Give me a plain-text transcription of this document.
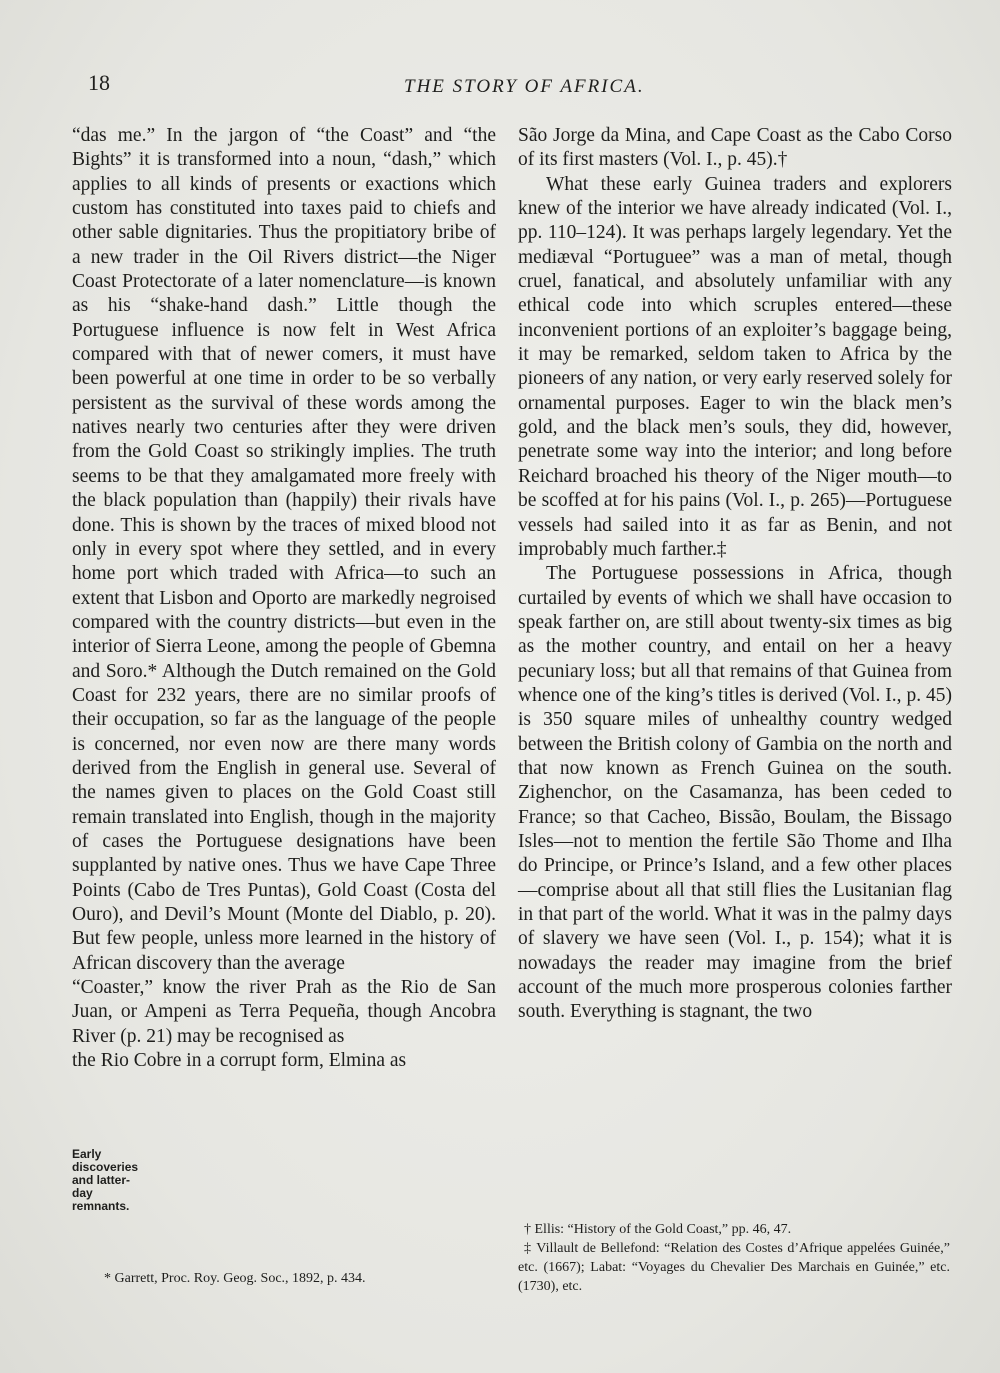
18	THE STORY OF AFRICA.

“das me.” In the jargon of “the Coast” and “the Bights” it is transformed into a noun, “dash,” which applies to all kinds of presents or exactions which custom has constituted into taxes paid to chiefs and other sable dignitaries. Thus the propitiatory bribe of a new trader in the Oil Rivers district—the Niger Coast Protectorate of a later nomenclature—is known as his “shake-hand dash.” Little though the Portuguese influence is now felt in West Africa compared with that of newer comers, it must have been powerful at one time in order to be so verbally persistent as the survival of these words among the natives nearly two centuries after they were driven from the Gold Coast so strikingly implies. The truth seems to be that they amalgamated more freely with the black population than (happily) their rivals have done. This is shown by the traces of mixed blood not only in every spot where they settled, and in every home port which traded with Africa—to such an extent that Lisbon and Oporto are markedly negroised compared with the country districts—but even in the interior of Sierra Leone, among the people of Gbemna and Soro.* Although the Dutch remained on the Gold Coast for 232 years, there are no similar proofs of their occupation, so far as the language of the people is concerned, nor even now are there many words derived from the English in general use. Several of the names given to places on the Gold Coast still remain translated into English, though in the majority of cases the Portuguese designations have been supplanted by native ones. Thus we have Cape Three Points (Cabo de Tres Puntas), Gold Coast (Costa del Ouro), and Devil’s Mount (Monte del Diablo, p. 20). But few people, unless more learned in the history of African discovery than the average

“Coaster,” know the river Prah as the Rio de San Juan, or Ampeni as Terra Pequeña, though Ancobra River (p. 21) may be recognised as

the Rio Cobre in a corrupt form, Elmina as

Early discoveries and latter-day remnants.
* Garrett, Proc. Roy. Geog. Soc., 1892, p. 434.

São Jorge da Mina, and Cape Coast as the Cabo Corso of its first masters (Vol. I., p. 45).†

What these early Guinea traders and explorers knew of the interior we have already indicated (Vol. I., pp. 110–124). It was perhaps largely legendary. Yet the mediæval “Portuguee” was a man of metal, though cruel, fanatical, and absolutely unfamiliar with any ethical code into which scruples entered—these inconvenient portions of an exploiter’s baggage being, it may be remarked, seldom taken to Africa by the pioneers of any nation, or very early reserved solely for ornamental purposes. Eager to win the black men’s gold, and the black men’s souls, they did, however, penetrate some way into the interior; and long before Reichard broached his theory of the Niger mouth—to be scoffed at for his pains (Vol. I., p. 265)—Portuguese vessels had sailed into it as far as Benin, and not improbably much farther.‡

The Portuguese possessions in Africa, though curtailed by events of which we shall have occasion to speak farther on, are still about twenty-six times as big as the mother country, and entail on her a heavy pecuniary loss; but all that remains of that Guinea from whence one of the king’s titles is derived (Vol. I., p. 45) is 350 square miles of unhealthy country wedged between the British colony of Gambia on the north and that now known as French Guinea on the south. Zighenchor, on the Casamanza, has been ceded to France; so that Cacheo, Bissão, Boulam, the Bissago Isles—not to mention the fertile São Thome and Ilha do Principe, or Prince’s Island, and a few other places—comprise about all that still flies the Lusitanian flag in that part of the world. What it was in the palmy days of slavery we have seen (Vol. I., p. 154); what it is nowadays the reader may imagine from the brief account of the much more prosperous colonies farther south. Everything is stagnant, the two

† Ellis: “History of the Gold Coast,” pp. 46, 47.

‡ Villault de Bellefond: “Relation des Costes d’Afrique appelées Guinée,” etc. (1667); Labat: “Voyages du Chevalier Des Marchais en Guinée,” etc. (1730), etc.
